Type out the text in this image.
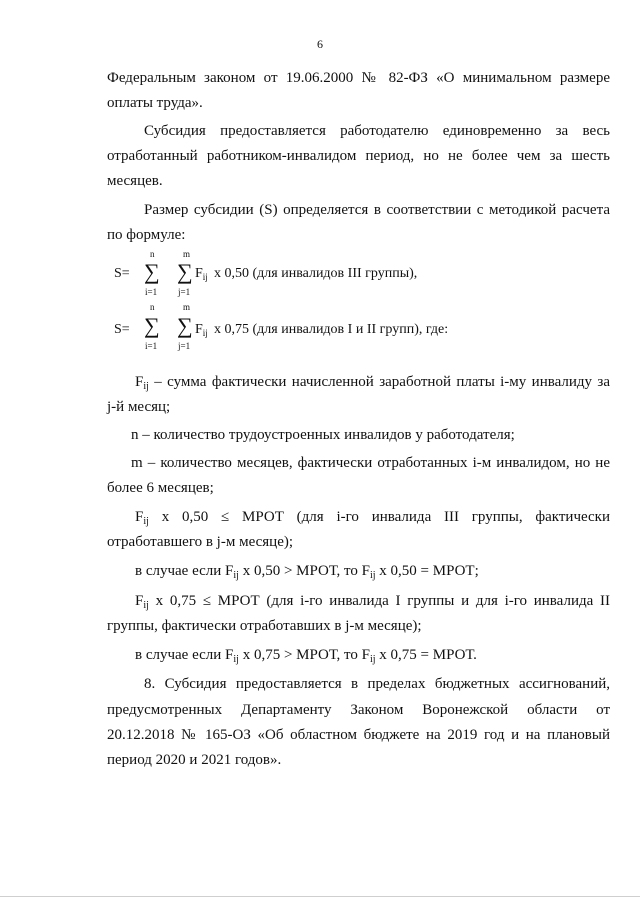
6
Федеральным законом от 19.06.2000 № 82-ФЗ «О минимальном размере
оплаты труда».
Субсидия предоставляется работодателю единовременно за весь
отработанный работником-инвалидом период, но не более чем за шесть
месяцев.
Размер субсидии (S) определяется в соответствии с методикой расчета
по формуле:
S=
n
∑
i=1
m
∑
j=1
$F_{ij}$ x 0,50 (для инвалидов III группы),
S=
n
∑
i=1
m
∑
j=1
$F_{ij}$ x 0,75 (для инвалидов I и II групп), где:
$F_{ij}$ – сумма фактически начисленной заработной платы i-му инвалиду за
j-й месяц;
n – количество трудоустроенных инвалидов у работодателя;
m – количество месяцев, фактически отработанных i-м инвалидом, но не
более 6 месяцев;
$F_{ij}$ x 0,50 ≤ МРОТ (для i-го инвалида III группы, фактически
отработавшего в j-м месяце);
в случае если $F_{ij}$ x 0,50 > МРОТ, то $F_{ij}$ x 0,50 = МРОТ;
$F_{ij}$ x 0,75 ≤ МРОТ (для i-го инвалида I группы и для i-го инвалида II
группы, фактически отработавших в j-м месяце);
в случае если $F_{ij}$ x 0,75 > МРОТ, то $F_{ij}$ x 0,75 = МРОТ.
8. Субсидия предоставляется в пределах бюджетных ассигнований,
предусмотренных Департаменту Законом Воронежской области от
20.12.2018 № 165-ОЗ «Об областном бюджете на 2019 год и на плановый
период 2020 и 2021 годов».
